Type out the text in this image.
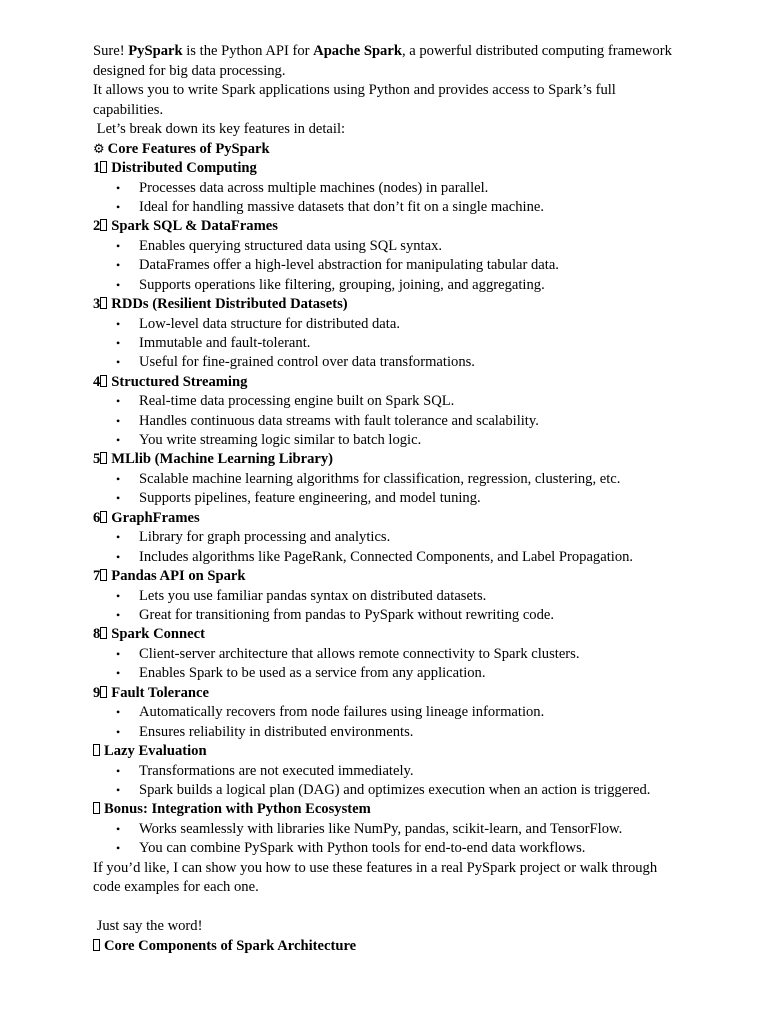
Sure! PySpark is the Python API for Apache Spark, a powerful distributed computing framework
designed for big data processing.
It allows you to write Spark applications using Python and provides access to Spark’s full
capabilities.
Let’s break down its key features in detail:
⚙ Core Features of PySpark
1 Distributed Computing
• Processes data across multiple machines (nodes) in parallel.
• Ideal for handling massive datasets that don’t fit on a single machine.
2 Spark SQL & DataFrames
• Enables querying structured data using SQL syntax.
• DataFrames offer a high-level abstraction for manipulating tabular data.
• Supports operations like filtering, grouping, joining, and aggregating.
3 RDDs (Resilient Distributed Datasets)
• Low-level data structure for distributed data.
• Immutable and fault-tolerant.
• Useful for fine-grained control over data transformations.
4 Structured Streaming
• Real-time data processing engine built on Spark SQL.
• Handles continuous data streams with fault tolerance and scalability.
• You write streaming logic similar to batch logic.
5 MLlib (Machine Learning Library)
• Scalable machine learning algorithms for classification, regression, clustering, etc.
• Supports pipelines, feature engineering, and model tuning.
6 GraphFrames
• Library for graph processing and analytics.
• Includes algorithms like PageRank, Connected Components, and Label Propagation.
7 Pandas API on Spark
• Lets you use familiar pandas syntax on distributed datasets.
• Great for transitioning from pandas to PySpark without rewriting code.
8 Spark Connect
• Client-server architecture that allows remote connectivity to Spark clusters.
• Enables Spark to be used as a service from any application.
9 Fault Tolerance
• Automatically recovers from node failures using lineage information.
• Ensures reliability in distributed environments.
Lazy Evaluation
• Transformations are not executed immediately.
• Spark builds a logical plan (DAG) and optimizes execution when an action is triggered.
Bonus: Integration with Python Ecosystem
• Works seamlessly with libraries like NumPy, pandas, scikit-learn, and TensorFlow.
• You can combine PySpark with Python tools for end-to-end data workflows.
If you’d like, I can show you how to use these features in a real PySpark project or walk through
code examples for each one.
Just say the word!
Core Components of Spark Architecture
